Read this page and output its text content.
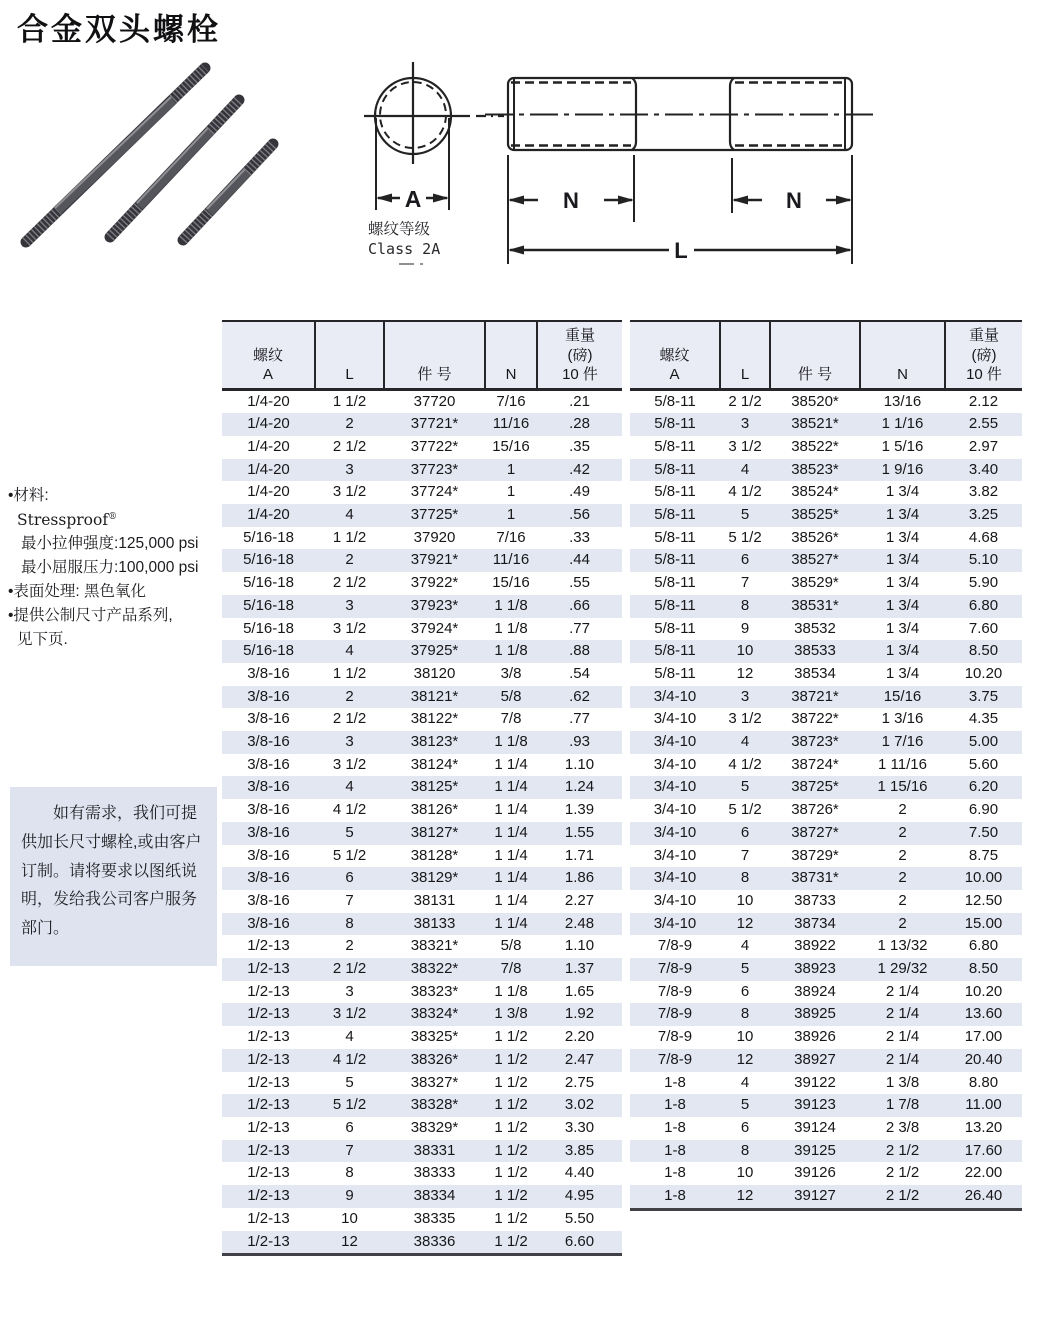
合金双头螺栓
A
螺纹等级
Class 2A
N	N
L
•材料:
Stressproof®
最小拉伸强度:125,000 psi
最小屈服压力:100,000 psi
•表面处理: 黑色氧化
•提供公制尺寸产品系列,
见下页.

如有需求，我们可提供加长尺寸螺栓,或由客户订制。请将要求以图纸说明，发给我公司客户服务部门。

螺纹
A	L	件 号	N	重量
(磅)
10 件
1/4-20	1 1/2	37720	7/16	.21
1/4-20	2	37721*	11/16	.28
1/4-20	2 1/2	37722*	15/16	.35
1/4-20	3	37723*	1	.42
1/4-20	3 1/2	37724*	1	.49
1/4-20	4	37725*	1	.56
5/16-18	1 1/2	37920	7/16	.33
5/16-18	2	37921*	11/16	.44
5/16-18	2 1/2	37922*	15/16	.55
5/16-18	3	37923*	1 1/8	.66
5/16-18	3 1/2	37924*	1 1/8	.77
5/16-18	4	37925*	1 1/8	.88
3/8-16	1 1/2	38120	3/8	.54
3/8-16	2	38121*	5/8	.62
3/8-16	2 1/2	38122*	7/8	.77
3/8-16	3	38123*	1 1/8	.93
3/8-16	3 1/2	38124*	1 1/4	1.10
3/8-16	4	38125*	1 1/4	1.24
3/8-16	4 1/2	38126*	1 1/4	1.39
3/8-16	5	38127*	1 1/4	1.55
3/8-16	5 1/2	38128*	1 1/4	1.71
3/8-16	6	38129*	1 1/4	1.86
3/8-16	7	38131	1 1/4	2.27
3/8-16	8	38133	1 1/4	2.48
1/2-13	2	38321*	5/8	1.10
1/2-13	2 1/2	38322*	7/8	1.37
1/2-13	3	38323*	1 1/8	1.65
1/2-13	3 1/2	38324*	1 3/8	1.92
1/2-13	4	38325*	1 1/2	2.20
1/2-13	4 1/2	38326*	1 1/2	2.47
1/2-13	5	38327*	1 1/2	2.75
1/2-13	5 1/2	38328*	1 1/2	3.02
1/2-13	6	38329*	1 1/2	3.30
1/2-13	7	38331	1 1/2	3.85
1/2-13	8	38333	1 1/2	4.40
1/2-13	9	38334	1 1/2	4.95
1/2-13	10	38335	1 1/2	5.50
1/2-13	12	38336	1 1/2	6.60
螺纹
A	L	件 号	N	重量
(磅)
10 件
5/8-11	2 1/2	38520*	13/16	2.12
5/8-11	3	38521*	1 1/16	2.55
5/8-11	3 1/2	38522*	1 5/16	2.97
5/8-11	4	38523*	1 9/16	3.40
5/8-11	4 1/2	38524*	1 3/4	3.82
5/8-11	5	38525*	1 3/4	3.25
5/8-11	5 1/2	38526*	1 3/4	4.68
5/8-11	6	38527*	1 3/4	5.10
5/8-11	7	38529*	1 3/4	5.90
5/8-11	8	38531*	1 3/4	6.80
5/8-11	9	38532	1 3/4	7.60
5/8-11	10	38533	1 3/4	8.50
5/8-11	12	38534	1 3/4	10.20
3/4-10	3	38721*	15/16	3.75
3/4-10	3 1/2	38722*	1 3/16	4.35
3/4-10	4	38723*	1 7/16	5.00
3/4-10	4 1/2	38724*	1 11/16	5.60
3/4-10	5	38725*	1 15/16	6.20
3/4-10	5 1/2	38726*	2	6.90
3/4-10	6	38727*	2	7.50
3/4-10	7	38729*	2	8.75
3/4-10	8	38731*	2	10.00
3/4-10	10	38733	2	12.50
3/4-10	12	38734	2	15.00
7/8-9	4	38922	1 13/32	6.80
7/8-9	5	38923	1 29/32	8.50
7/8-9	6	38924	2 1/4	10.20
7/8-9	8	38925	2 1/4	13.60
7/8-9	10	38926	2 1/4	17.00
7/8-9	12	38927	2 1/4	20.40
1-8	4	39122	1 3/8	8.80
1-8	5	39123	1 7/8	11.00
1-8	6	39124	2 3/8	13.20
1-8	8	39125	2 1/2	17.60
1-8	10	39126	2 1/2	22.00
1-8	12	39127	2 1/2	26.40
